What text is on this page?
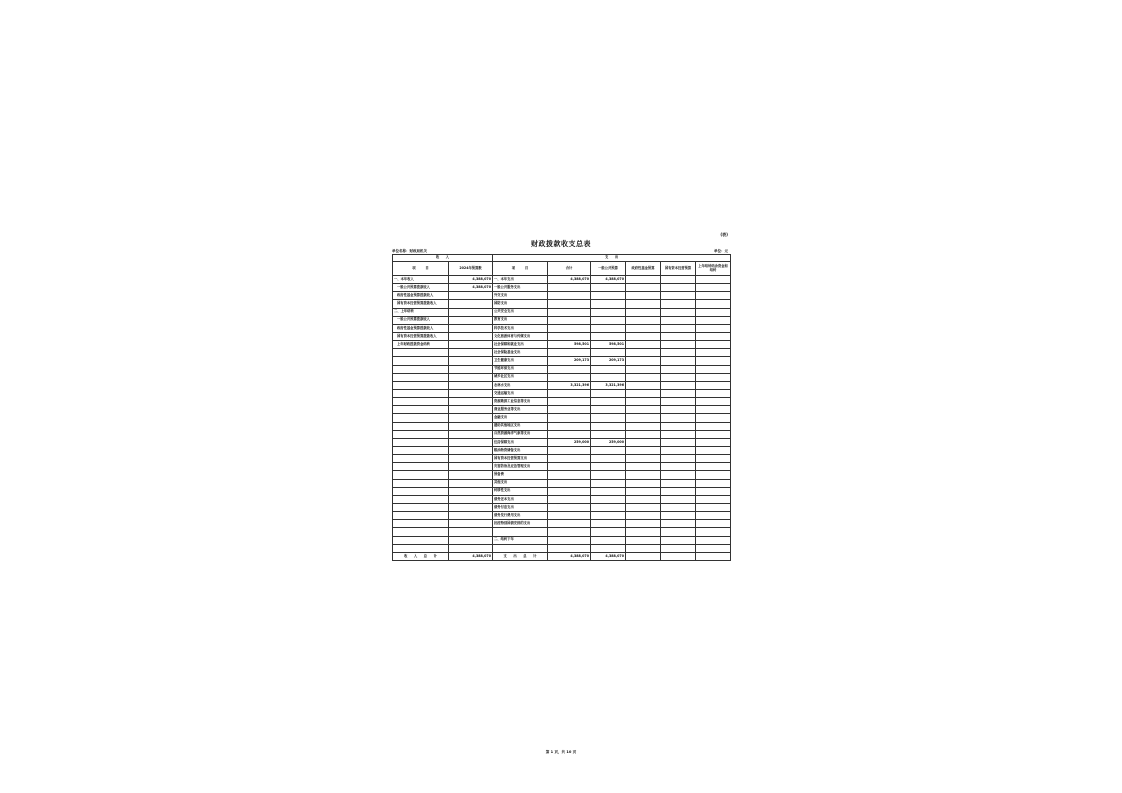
(表)
财政拨款收支总表
单位名称：财政局机关	单位：元
收　　入		支　　出					
项　　　目	2024年预算数	项　　　目	合计	一般公共预算	政府性基金预算	国有资本经营预算	上年结转结余资金和结转
一、本年收入	4,388,070	一、本年支出	4,388,070	4,388,070			
一般公共预算拨款收入	4,388,070	一般公共服务支出					
政府性基金预算拨款收入		外交支出					
国有资本经营预算拨款收入		国防支出					
二、上年结转		公共安全支出					
一般公共预算拨款收入		教育支出					
政府性基金预算拨款收入		科学技术支出					
国有资本经营预算拨款收入		文化旅游体育与传媒支出					
上年财政拨款资金结转		社会保障和就业支出	598,501	598,501			
		社会保险基金支出					
		卫生健康支出	209,173	209,173			
		节能环保支出					
		城乡社区支出					
		农林水支出	3,321,396	3,321,396			
		交通运输支出					
		资源勘探工业信息等支出					
		商业服务业等支出					
		金融支出					
		援助其他地区支出					
		自然资源海洋气象等支出					
		住房保障支出	259,000	259,000			
		粮油物资储备支出					
		国有资本经营预算支出					
		灾害防治及应急管理支出					
		预备费					
		其他支出					
		转移性支出					
		债务还本支出					
		债务付息支出					
		债务发行费用支出					
		抗疫特别国债安排的支出					

		二、结转下年					

收　　入　　总　　计	4,388,070	支　　出　　总　　计	4,388,070	4,388,070			
第 1 页，共 10 页
